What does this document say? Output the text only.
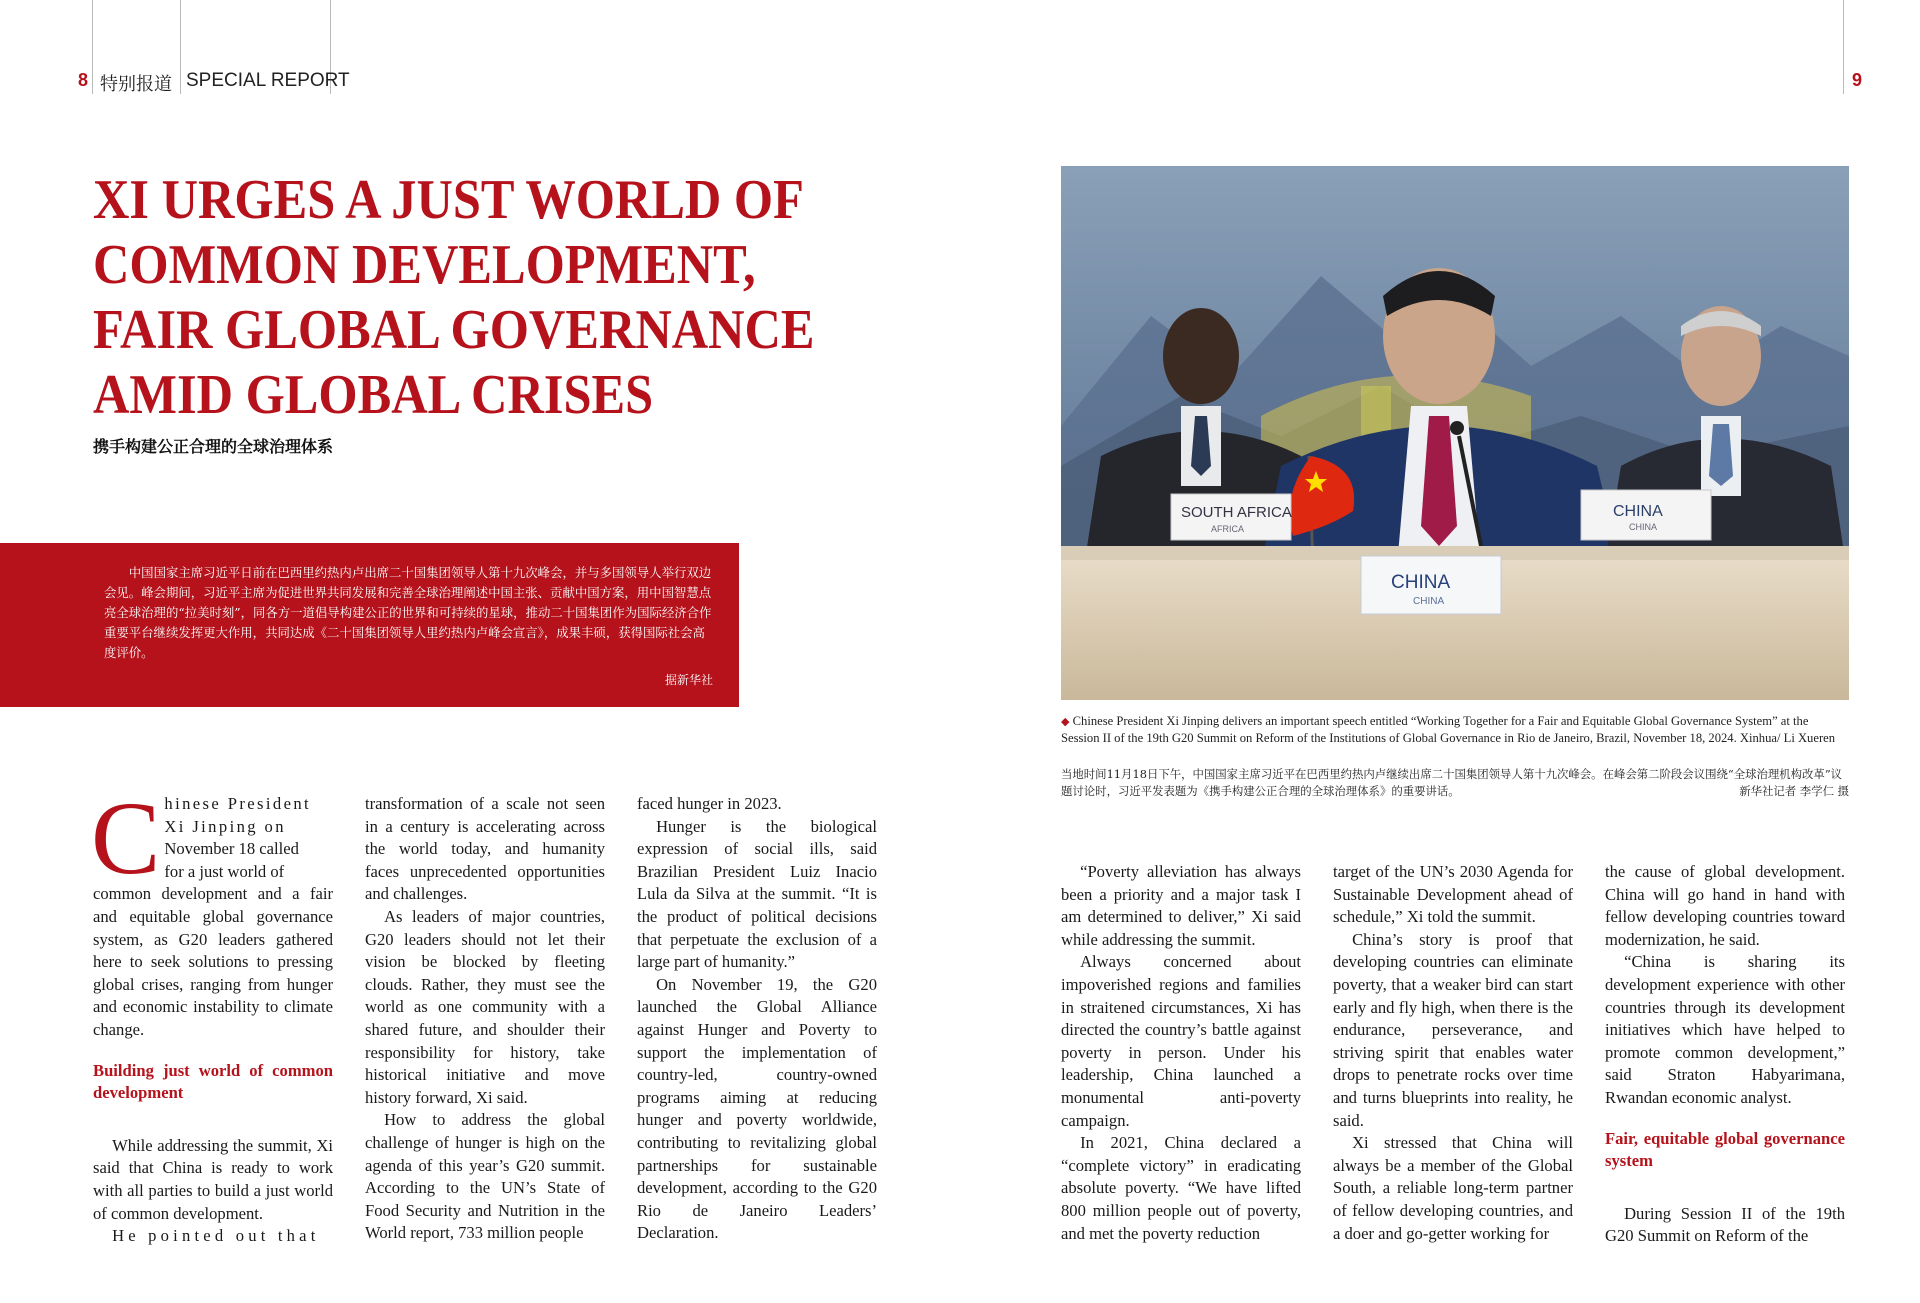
8 特别报道 SPECIAL REPORT	9
XI URGES A JUST WORLD OF
COMMON DEVELOPMENT,
FAIR GLOBAL GOVERNANCE
AMID GLOBAL CRISES
携手构建公正合理的全球治理体系

中国国家主席习近平日前在巴西里约热内卢出席二十国集团领导人第十九次峰会，并与多国领导人举行双边会见。峰会期间，习近平主席为促进世界共同发展和完善全球治理阐述中国主张、贡献中国方案，用中国智慧点亮全球治理的“拉美时刻”，同各方一道倡导构建公正的世界和可持续的星球，推动二十国集团作为国际经济合作重要平台继续发挥更大作用，共同达成《二十国集团领导人里约热内卢峰会宣言》，成果丰硕，获得国际社会高度评价。

据新华社
SOUTH AFRICA
AFRICA
CHINA
CHINA
CHINA
CHINA

◆ Chinese President Xi Jinping delivers an important speech entitled “Working Together for a Fair and Equitable Global Governance System” at the Session II of the 19th G20 Summit on Reform of the Institutions of Global Governance in Rio de Janeiro, Brazil, November 18, 2024. Xinhua/ Li Xueren

当地时间11月18日下午，中国国家主席习近平在巴西里约热内卢继续出席二十国集团领导人第十九次峰会。在峰会第二阶段会议围绕“全球治理机构改革”议题讨论时，习近平发表题为《携手构建公正合理的全球治理体系》的重要讲话。	新华社记者 李学仁 摄

C hinese President

Xi Jinping on

November 18 called

for a just world of

common development and a fair and equitable global governance system, as G20 leaders gathered here to seek solutions to pressing global crises, ranging from hunger and economic instability to climate change.

Building just world of common development

While addressing the summit, Xi said that China is ready to work with all parties to build a just world of common development.

He pointed out that

transformation of a scale not seen in a century is accelerating across the world today, and humanity faces unprecedented opportunities and challenges.

As leaders of major countries, G20 leaders should not let their vision be blocked by fleeting clouds. Rather, they must see the world as one community with a shared future, and shoulder their responsibility for history, take historical initiative and move history forward, Xi said.

How to address the global challenge of hunger is high on the agenda of this year’s G20 summit. According to the UN’s State of Food Security and Nutrition in the World report, 733 million people

faced hunger in 2023.

Hunger is the biological expression of social ills, said Brazilian President Luiz Inacio Lula da Silva at the summit. “It is the product of political decisions that perpetuate the exclusion of a large part of humanity.”

On November 19, the G20 launched the Global Alliance against Hunger and Poverty to support the implementation of country-led, country-owned programs aiming at reducing hunger and poverty worldwide, contributing to revitalizing global partnerships for sustainable development, according to the G20 Rio de Janeiro Leaders’ Declaration.

“Poverty alleviation has always been a priority and a major task I am determined to deliver,” Xi said while addressing the summit.

Always concerned about impoverished regions and families in straitened circumstances, Xi has directed the country’s battle against poverty in person. Under his leadership, China launched a monumental anti-poverty campaign.

In 2021, China declared a “complete victory” in eradicating absolute poverty. “We have lifted 800 million people out of poverty, and met the poverty reduction

target of the UN’s 2030 Agenda for Sustainable Development ahead of schedule,” Xi told the summit.

China’s story is proof that developing countries can eliminate poverty, that a weaker bird can start early and fly high, when there is the endurance, perseverance, and striving spirit that enables water drops to penetrate rocks over time and turns blueprints into reality, he said.

Xi stressed that China will always be a member of the Global South, a reliable long-term partner of fellow developing countries, and a doer and go-getter working for

the cause of global development. China will go hand in hand with fellow developing countries toward modernization, he said.

“China is sharing its development experience with other countries through its development initiatives which have helped to promote common development,” said Straton Habyarimana, Rwandan economic analyst.

Fair, equitable global governance system

During Session II of the 19th G20 Summit on Reform of the
